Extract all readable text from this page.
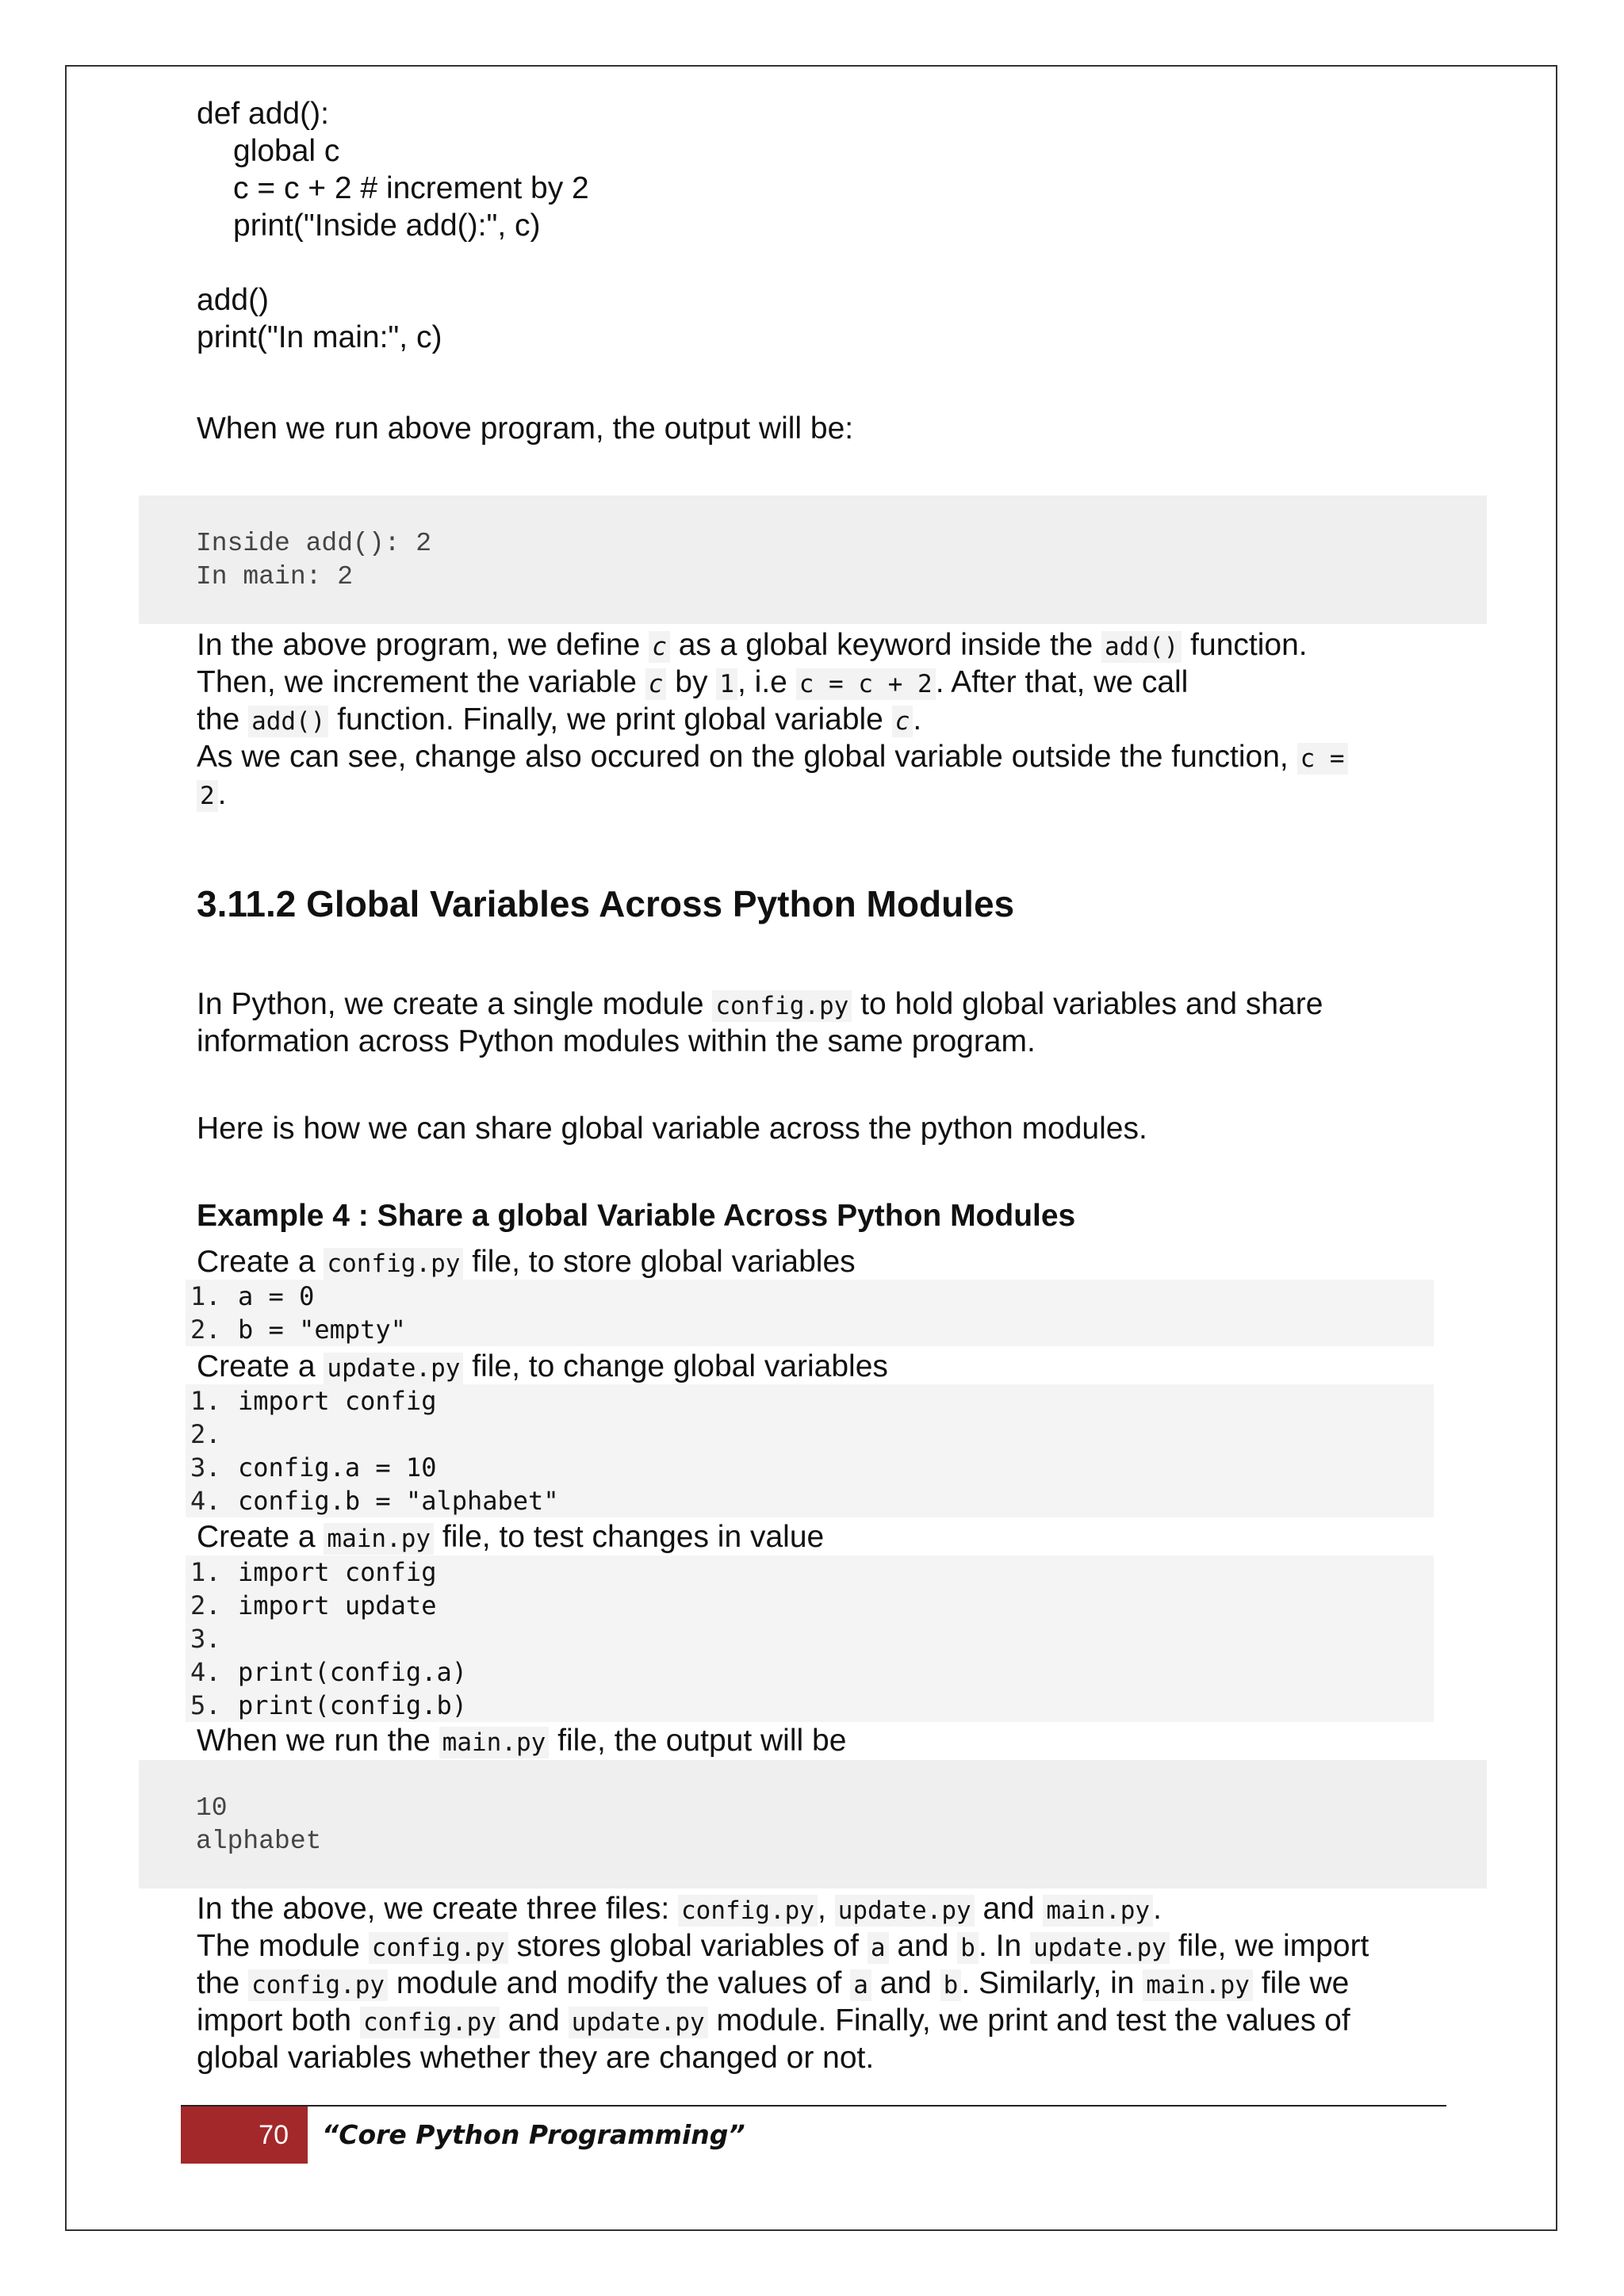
def add():

global c

c = c + 2 # increment by 2

print("Inside add():", c)

add()

print("In main:", c)

When we run above program, the output will be:

Inside add(): 2
In main: 2

In the above program, we define c as a global keyword inside the add() function.

Then, we increment the variable c by 1 , i.e c = c + 2 . After that, we call

the add() function. Finally, we print global variable c .

As we can see, change also occured on the global variable outside the function, c =

2 .

3.11.2 Global Variables Across Python Modules

In Python, we create a single module config.py to hold global variables and share

information across Python modules within the same program.

Here is how we can share global variable across the python modules.

Example 4 : Share a global Variable Across Python Modules

Create a config.py file, to store global variables

1. a = 0
2. b = "empty"

Create a update.py file, to change global variables

1. import config
2.
3. config.a = 10
4. config.b = "alphabet"

Create a main.py file, to test changes in value

1. import config
2. import update
3.
4. print(config.a)
5. print(config.b)

When we run the main.py file, the output will be

10
alphabet

In the above, we create three files: config.py , update.py and main.py .

The module config.py stores global variables of a and b . In update.py file, we import

the config.py module and modify the values of a and b . Similarly, in main.py file we

import both config.py and update.py module. Finally, we print and test the values of

global variables whether they are changed or not.

70	“Core Python Programming”
